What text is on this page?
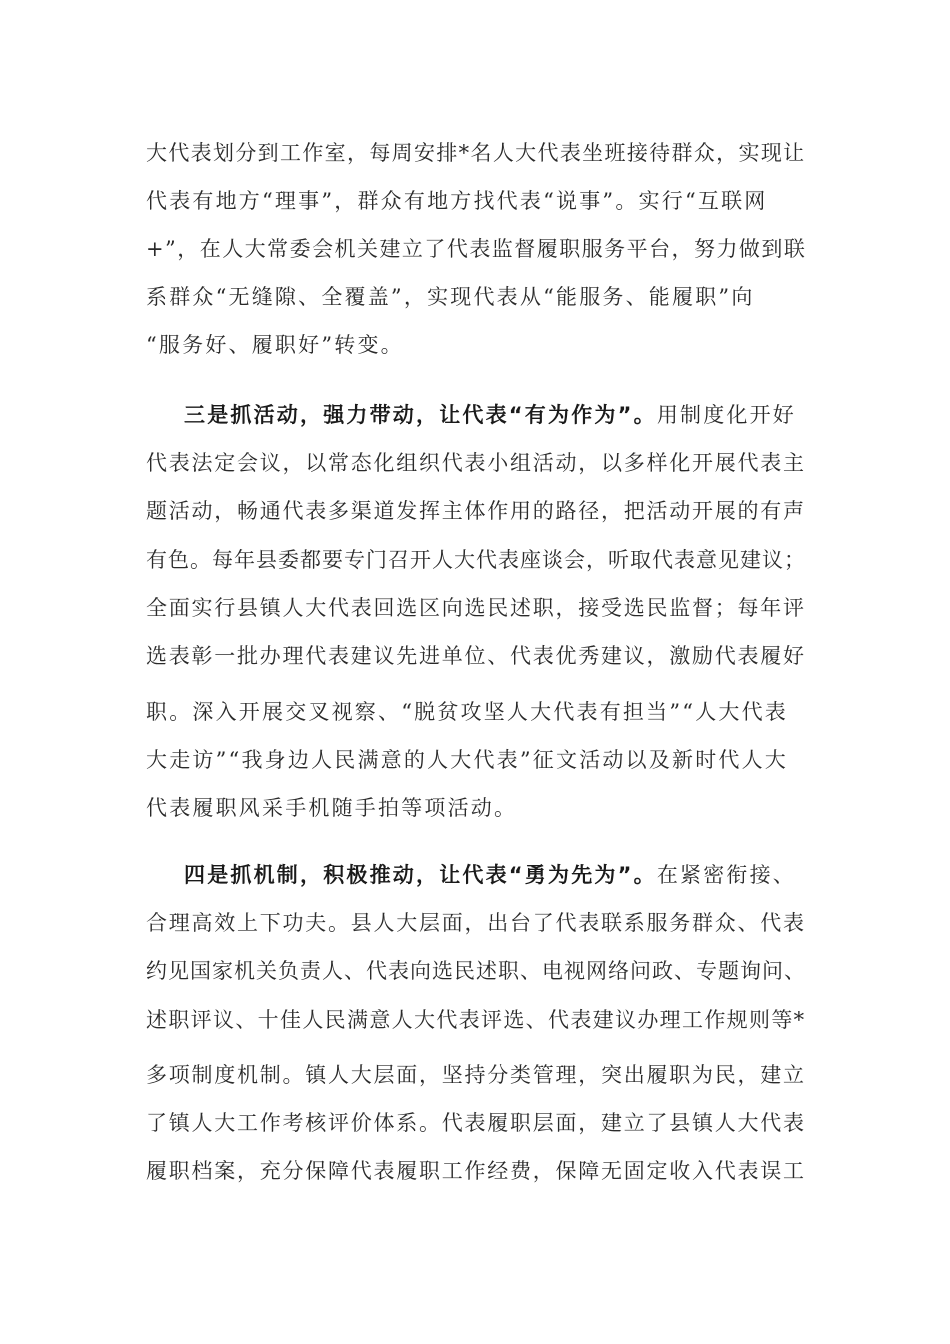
大代表划分到工作室，每周安排*名人大代表坐班接待群众，实现让
代表有地方“理事”，群众有地方找代表“说事”。实行“互联网
+”，在人大常委会机关建立了代表监督履职服务平台，努力做到联
系群众“无缝隙、全覆盖”，实现代表从“能服务、能履职”向
“服务好、履职好”转变。
三是抓活动，强力带动，让代表“有为作为”。用制度化开好
代表法定会议，以常态化组织代表小组活动，以多样化开展代表主
题活动，畅通代表多渠道发挥主体作用的路径，把活动开展的有声
有色。每年县委都要专门召开人大代表座谈会，听取代表意见建议；
全面实行县镇人大代表回选区向选民述职，接受选民监督；每年评
选表彰一批办理代表建议先进单位、代表优秀建议，激励代表履好
职。深入开展交叉视察、“脱贫攻坚人大代表有担当”“人大代表
大走访”“我身边人民满意的人大代表”征文活动以及新时代人大
代表履职风采手机随手拍等项活动。
四是抓机制，积极推动，让代表“勇为先为”。在紧密衔接、
合理高效上下功夫。县人大层面，出台了代表联系服务群众、代表
约见国家机关负责人、代表向选民述职、电视网络问政、专题询问、
述职评议、十佳人民满意人大代表评选、代表建议办理工作规则等*
多项制度机制。镇人大层面，坚持分类管理，突出履职为民，建立
了镇人大工作考核评价体系。代表履职层面，建立了县镇人大代表
履职档案，充分保障代表履职工作经费，保障无固定收入代表误工
